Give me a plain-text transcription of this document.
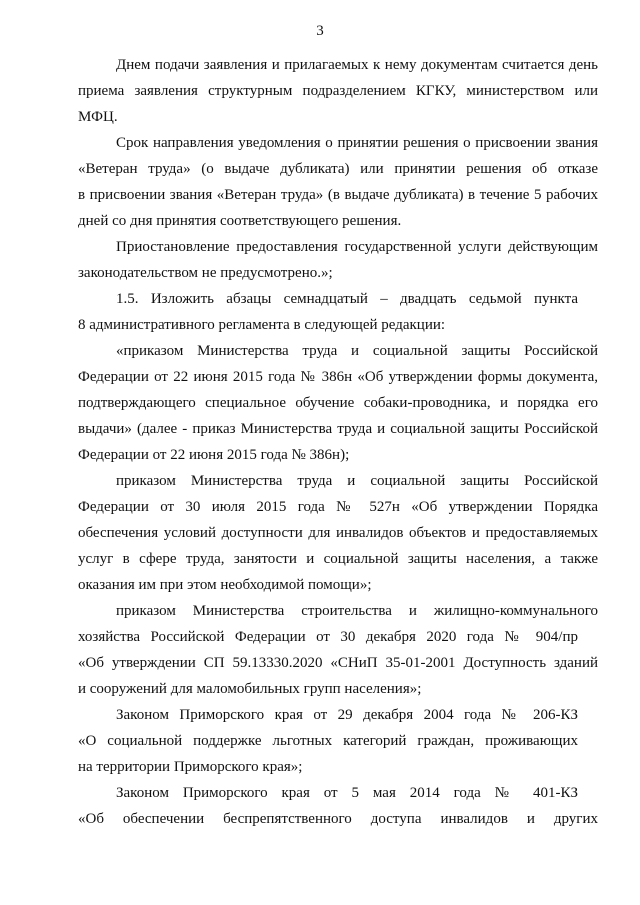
3
Днем подачи заявления и прилагаемых к нему документам считается день
приема заявления структурным подразделением КГКУ, министерством или
МФЦ.
Срок направления уведомления о принятии решения о присвоении звания
«Ветеран труда» (о выдаче дубликата) или принятии решения об отказе
в присвоении звания «Ветеран труда» (в выдаче дубликата) в течение 5 рабочих
дней со дня принятия соответствующего решения.
Приостановление предоставления государственной услуги действующим
законодательством не предусмотрено.»;
1.5. Изложить абзацы семнадцатый – двадцать седьмой пункта
8 административного регламента в следующей редакции:
«приказом Министерства труда и социальной защиты Российской
Федерации от 22 июня 2015 года № 386н «Об утверждении формы документа,
подтверждающего специальное обучение собаки-проводника, и порядка его
выдачи» (далее - приказ Министерства труда и социальной защиты Российской
Федерации от 22 июня 2015 года № 386н);
приказом Министерства труда и социальной защиты Российской
Федерации от 30 июля 2015 года № 527н «Об утверждении Порядка
обеспечения условий доступности для инвалидов объектов и предоставляемых
услуг в сфере труда, занятости и социальной защиты населения, а также
оказания им при этом необходимой помощи»;
приказом Министерства строительства и жилищно-коммунального
хозяйства Российской Федерации от 30 декабря 2020 года № 904/пр
«Об утверждении СП 59.13330.2020 «СНиП 35-01-2001 Доступность зданий
и сооружений для маломобильных групп населения»;
Законом Приморского края от 29 декабря 2004 года № 206-КЗ
«О социальной поддержке льготных категорий граждан, проживающих
на территории Приморского края»;
Законом Приморского края от 5 мая 2014 года № 401-КЗ
«Об обеспечении беспрепятственного доступа инвалидов и других
